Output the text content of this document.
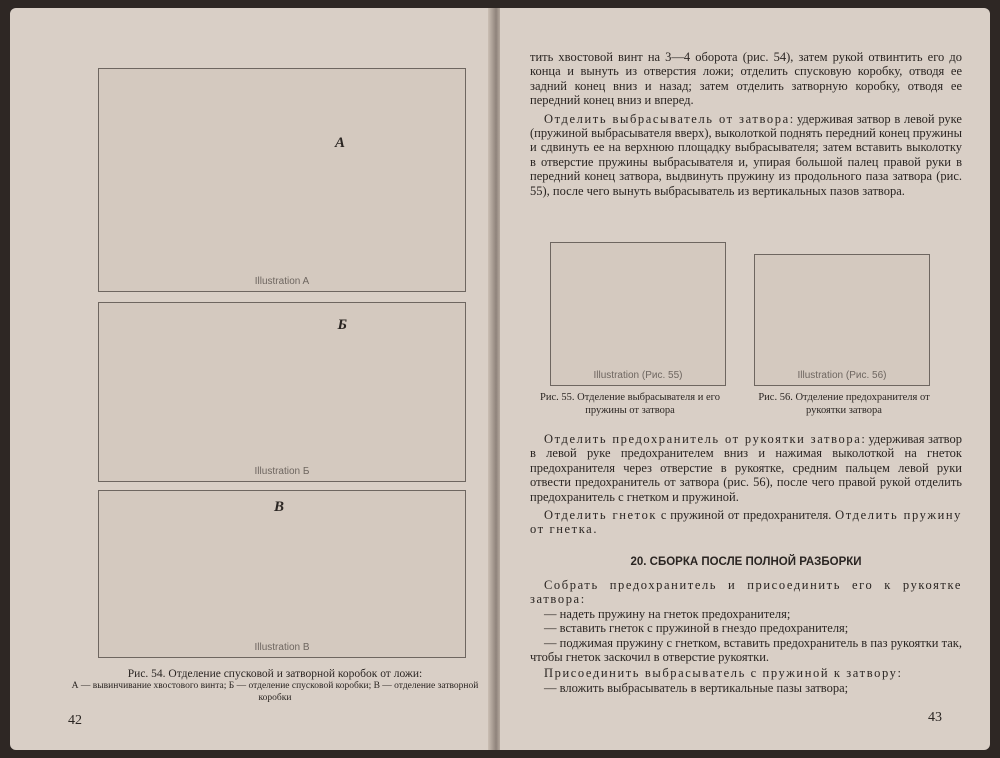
А
Illustration A
Б
Illustration Б
В
Illustration В
Рис. 54. Отделение спусковой и затворной коробок от ложи:
А — вывинчивание хвостового винта; Б — отделение спусковой коробки; В — отделение затворной коробки
42

тить хвостовой винт на 3—4 оборота (рис. 54), затем рукой отвинтить его до конца и вынуть из отверстия ложи; отделить спусковую коробку, отводя ее задний конец вниз и назад; затем отделить затворную коробку, отводя ее передний конец вниз и вперед.

Отделить выбрасыватель от затвора: удерживая затвор в левой руке (пружиной выбрасывателя вверх), выколоткой поднять передний конец пружины и сдвинуть ее на верхнюю площадку выбрасывателя; затем вставить выколотку в отверстие пружины выбрасывателя и, упирая большой палец правой руки в передний конец затвора, выдвинуть пружину из продольного паза затвора (рис. 55), после чего вынуть выбрасыватель из вертикальных пазов затвора.

Illustration (Рис. 55)	Illustration (Рис. 56)
Рис. 55. Отделение выбрасывателя и его пружины от затвора
Рис. 56. Отделение предохранителя от рукоятки затвора

Отделить предохранитель от рукоятки затвора: удерживая затвор в левой руке предохранителем вниз и нажимая выколоткой на гнеток предохранителя через отверстие в рукоятке, средним пальцем левой руки отвести предохранитель от затвора (рис. 56), после чего правой рукой отделить предохранитель с гнетком и пружиной.

Отделить гнеток с пружиной от предохранителя. Отделить пружину от гнетка.

20. СБОРКА ПОСЛЕ ПОЛНОЙ РАЗБОРКИ

Собрать предохранитель и присоединить его к рукоятке затвора:

— надеть пружину на гнеток предохранителя;
— вставить гнеток с пружиной в гнездо предохранителя;
— поджимая пружину с гнетком, вставить предохранитель в паз рукоятки так, чтобы гнеток заскочил в отверстие рукоятки.

Присоединить выбрасыватель с пружиной к затвору:

— вложить выбрасыватель в вертикальные пазы затвора;
43
